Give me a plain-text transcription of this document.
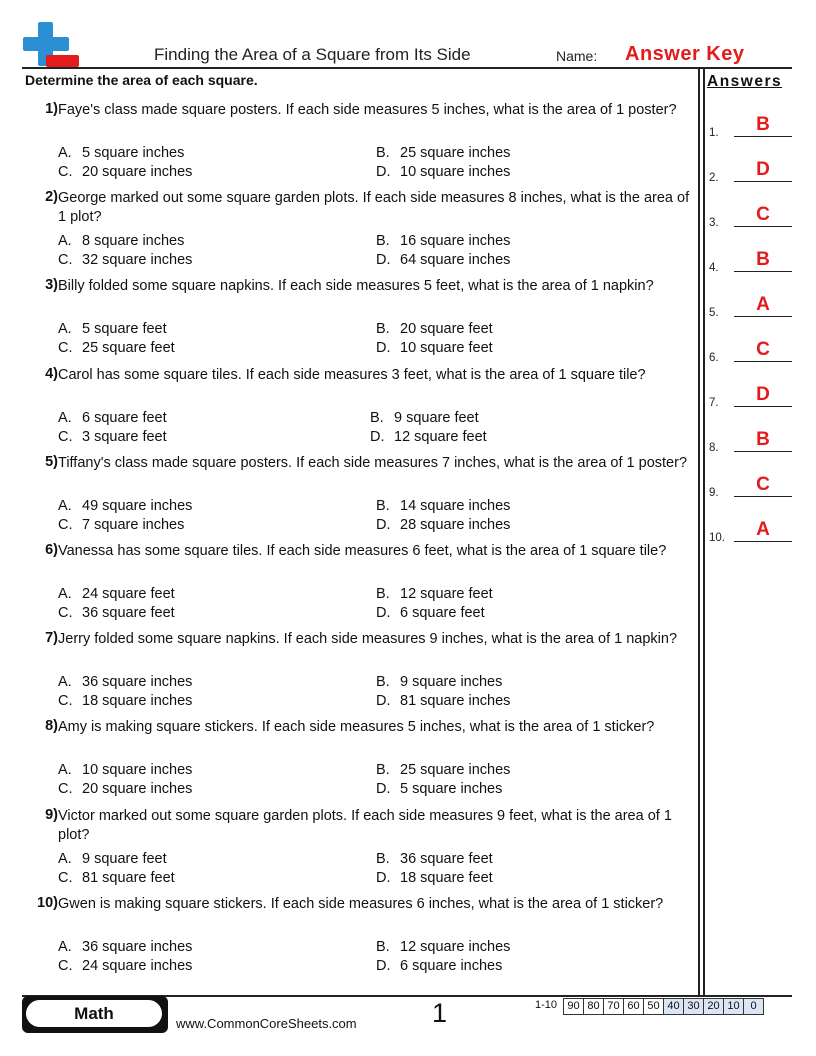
Finding the Area of a Square from Its Side	Name: Answer Key
Determine the area of each square.
1) Faye's class made square posters. If each side measures 5 inches, what is the area of 1 poster?
A. 5 square inches	B. 25 square inches
C. 20 square inches	D. 10 square inches
2) George marked out some square garden plots. If each side measures 8 inches, what is the area of 1 plot?
A. 8 square inches	B. 16 square inches
C. 32 square inches	D. 64 square inches
3) Billy folded some square napkins. If each side measures 5 feet, what is the area of 1 napkin?
A. 5 square feet	B. 20 square feet
C. 25 square feet	D. 10 square feet
4) Carol has some square tiles. If each side measures 3 feet, what is the area of 1 square tile?
A. 6 square feet	B. 9 square feet
C. 3 square feet	D. 12 square feet
5) Tiffany's class made square posters. If each side measures 7 inches, what is the area of 1 poster?
A. 49 square inches	B. 14 square inches
C. 7 square inches	D. 28 square inches
6) Vanessa has some square tiles. If each side measures 6 feet, what is the area of 1 square tile?
A. 24 square feet	B. 12 square feet
C. 36 square feet	D. 6 square feet
7) Jerry folded some square napkins. If each side measures 9 inches, what is the area of 1 napkin?
A. 36 square inches	B. 9 square inches
C. 18 square inches	D. 81 square inches
8) Amy is making square stickers. If each side measures 5 inches, what is the area of 1 sticker?
A. 10 square inches	B. 25 square inches
C. 20 square inches	D. 5 square inches
9) Victor marked out some square garden plots. If each side measures 9 feet, what is the area of 1 plot?
A. 9 square feet	B. 36 square feet
C. 81 square feet	D. 18 square feet
10) Gwen is making square stickers. If each side measures 6 inches, what is the area of 1 sticker?
A. 36 square inches	B. 12 square inches
C. 24 square inches	D. 6 square inches
Answers
1.	B
2.	D
3.	C
4.	B
5.	A
6.	C
7.	D
8.	B
9.	C
10.	A
Math
www.CommonCoreSheets.com	1	1-10 90 80 70 60 50 40 30 20 10 0
